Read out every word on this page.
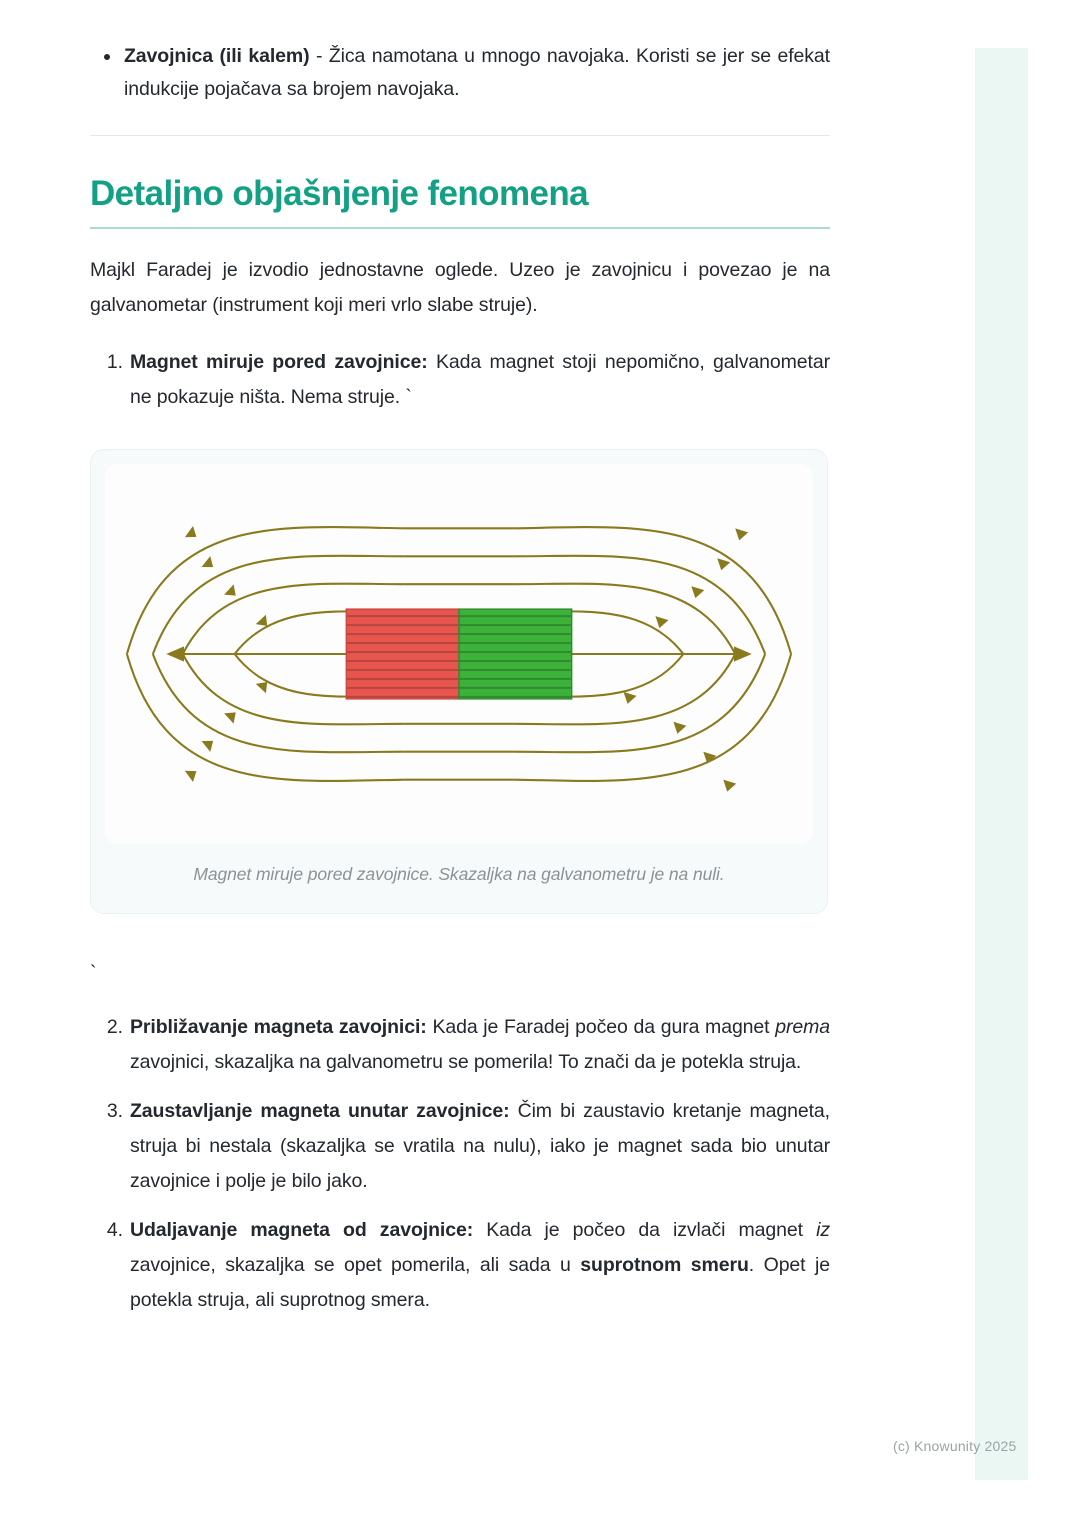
Zavojnica (ili kalem) - Žica namotana u mnogo navojaka. Koristi se jer se efekat indukcije pojačava sa brojem navojaka.
Detaljno objašnjenje fenomena

Majkl Faradej je izvodio jednostavne oglede. Uzeo je zavojnicu i povezao je na galvanometar (instrument koji meri vrlo slabe struje).

Magnet miruje pored zavojnice: Kada magnet stoji nepomično, galvanometar ne pokazuje ništa. Nema struje. `

Magnet miruje pored zavojnice. Skazaljka na galvanometru je na nuli.

`
Približavanje magneta zavojnici: Kada je Faradej počeo da gura magnet prema zavojnici, skazaljka na galvanometru se pomerila! To znači da je potekla struja.
Zaustavljanje magneta unutar zavojnice: Čim bi zaustavio kretanje magneta, struja bi nestala (skazaljka se vratila na nulu), iako je magnet sada bio unutar zavojnice i polje je bilo jako.
Udaljavanje magneta od zavojnice: Kada je počeo da izvlači magnet iz zavojnice, skazaljka se opet pomerila, ali sada u suprotnom smeru. Opet je potekla struja, ali suprotnog smera.
(c) Knowunity 2025
